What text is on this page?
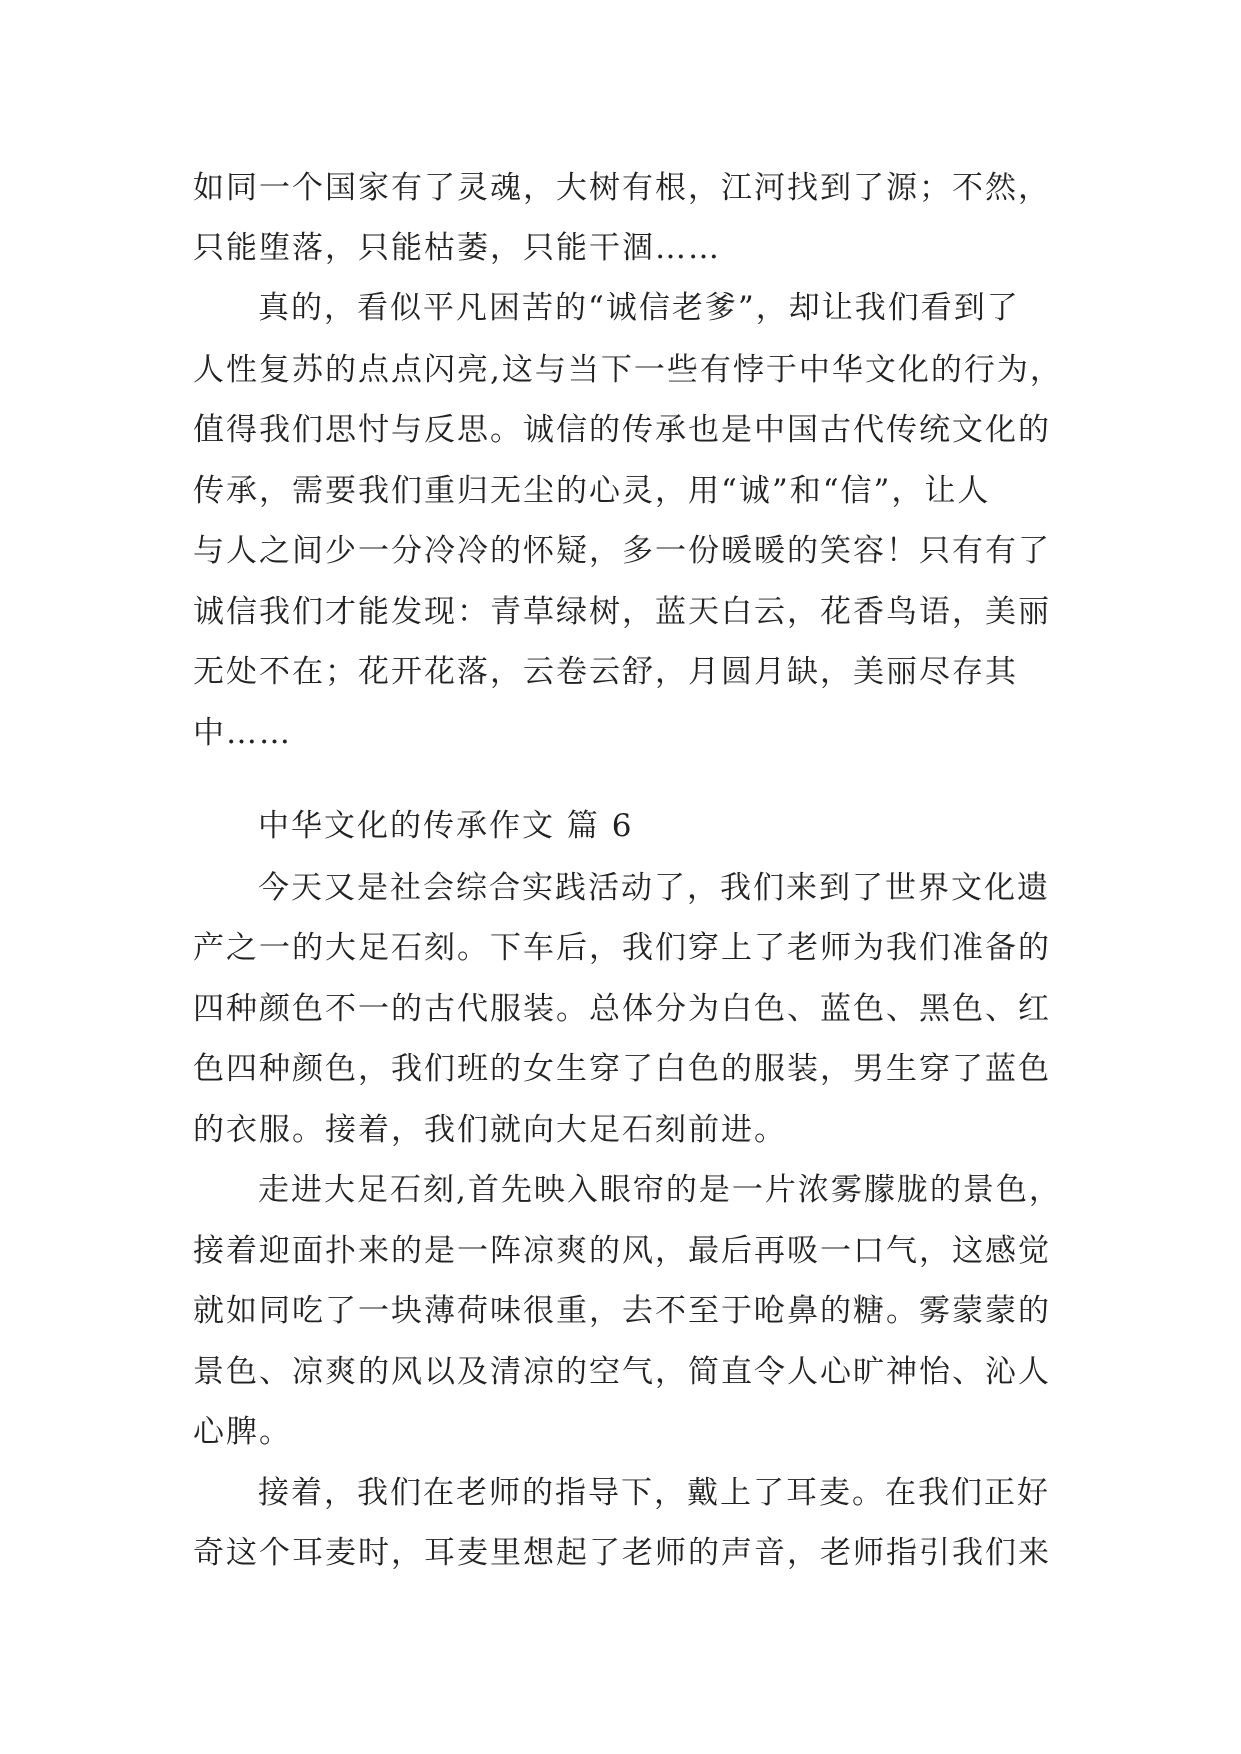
如同一个国家有了灵魂，大树有根，江河找到了源；不然，
只能堕落，只能枯萎，只能干涸……
真的，看似平凡困苦的“诚信老爹”，却让我们看到了
人性复苏的点点闪亮,这与当下一些有悖于中华文化的行为，
值得我们思忖与反思。诚信的传承也是中国古代传统文化的
传承，需要我们重归无尘的心灵，用“诚”和“信”，让人
与人之间少一分冷冷的怀疑，多一份暖暖的笑容！只有有了
诚信我们才能发现：青草绿树，蓝天白云，花香鸟语，美丽
无处不在；花开花落，云卷云舒，月圆月缺，美丽尽存其
中……
中华文化的传承作文 篇 6
今天又是社会综合实践活动了，我们来到了世界文化遗
产之一的大足石刻。下车后，我们穿上了老师为我们准备的
四种颜色不一的古代服装。总体分为白色、蓝色、黑色、红
色四种颜色，我们班的女生穿了白色的服装，男生穿了蓝色
的衣服。接着，我们就向大足石刻前进。
走进大足石刻,首先映入眼帘的是一片浓雾朦胧的景色，
接着迎面扑来的是一阵凉爽的风，最后再吸一口气，这感觉
就如同吃了一块薄荷味很重，去不至于呛鼻的糖。雾蒙蒙的
景色、凉爽的风以及清凉的空气，简直令人心旷神怡、沁人
心脾。
接着，我们在老师的指导下，戴上了耳麦。在我们正好
奇这个耳麦时，耳麦里想起了老师的声音，老师指引我们来
